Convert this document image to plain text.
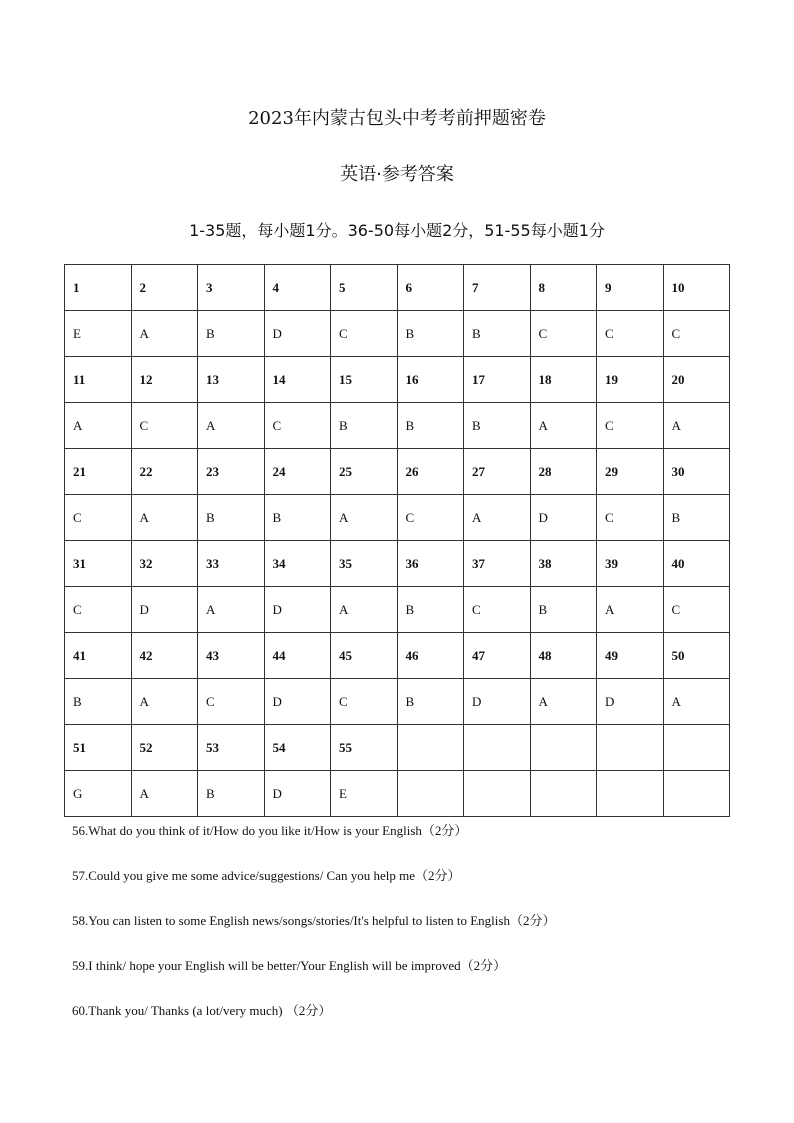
2023年内蒙古包头中考考前押题密卷
英语·参考答案
1-35题，每小题1分。36-50每小题2分，51-55每小题1分
1	2	3	4	5	6	7	8	9	10
E	A	B	D	C	B	B	C	C	C
11	12	13	14	15	16	17	18	19	20
A	C	A	C	B	B	B	A	C	A
21	22	23	24	25	26	27	28	29	30
C	A	B	B	A	C	A	D	C	B
31	32	33	34	35	36	37	38	39	40
C	D	A	D	A	B	C	B	A	C
41	42	43	44	45	46	47	48	49	50
B	A	C	D	C	B	D	A	D	A
51	52	53	54	55					
G	A	B	D	E					
56.What do you think of it/How do you like it/How is your English（2分）
57.Could you give me some advice/suggestions/ Can you help me（2分）
58.You can listen to some English news/songs/stories/It's helpful to listen to English（2分）
59.I think/ hope your English will be better/Your English will be improved（2分）
60.Thank you/ Thanks (a lot/very much) （2分）
